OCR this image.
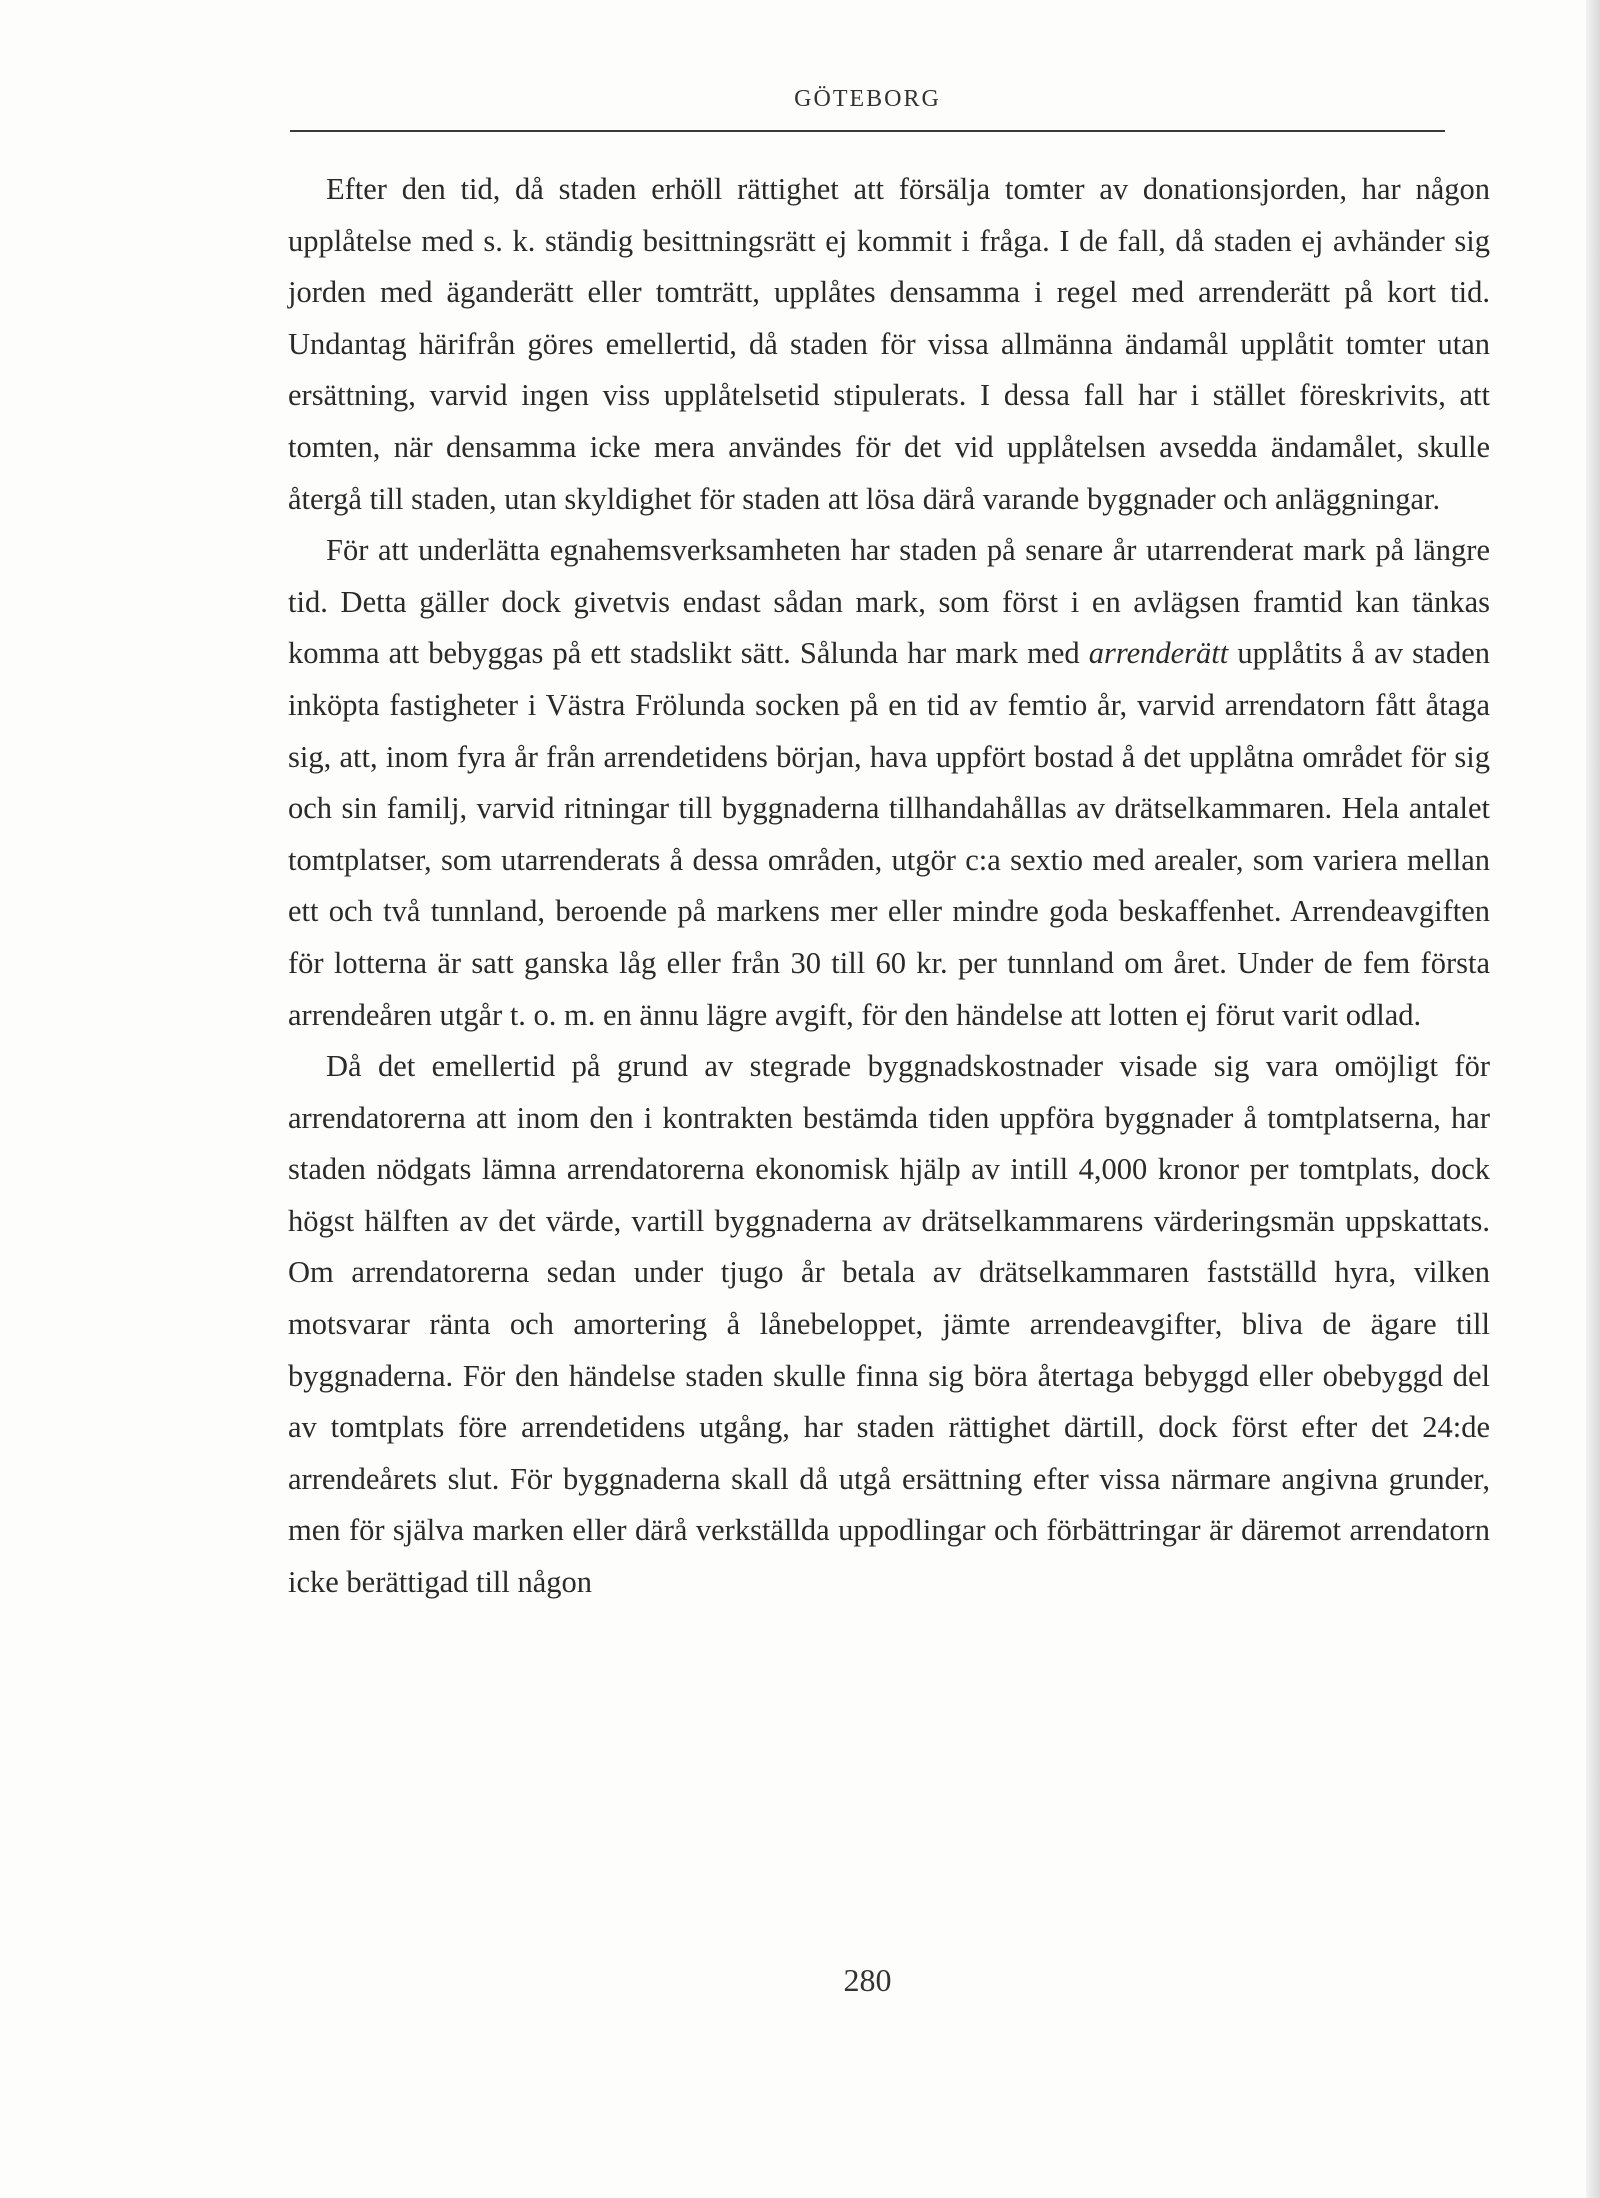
GÖTEBORG

Efter den tid, då staden erhöll rättighet att försälja tomter av donationsjorden, har någon upplåtelse med s. k. ständig besittningsrätt ej kommit i fråga. I de fall, då staden ej avhänder sig jorden med äganderätt eller tomträtt, upplåtes densamma i regel med arrenderätt på kort tid. Undantag härifrån göres emellertid, då staden för vissa allmänna ändamål upplåtit tomter utan ersättning, varvid ingen viss upplåtelsetid stipulerats. I dessa fall har i stället föreskrivits, att tomten, när densamma icke mera användes för det vid upplåtelsen avsedda ändamålet, skulle återgå till staden, utan skyldighet för staden att lösa därå varande byggnader och anläggningar.

För att underlätta egnahemsverksamheten har staden på senare år utarrenderat mark på längre tid. Detta gäller dock givetvis endast sådan mark, som först i en avlägsen framtid kan tänkas komma att bebyggas på ett stadslikt sätt. Sålunda har mark med arrenderätt upplåtits å av staden inköpta fastigheter i Västra Frölunda socken på en tid av femtio år, varvid arrendatorn fått åtaga sig, att, inom fyra år från arrendetidens början, hava uppfört bostad å det upplåtna området för sig och sin familj, varvid ritningar till byggnaderna tillhandahållas av drätselkammaren. Hela antalet tomtplatser, som utarrenderats å dessa områden, utgör c:a sextio med arealer, som variera mellan ett och två tunnland, beroende på markens mer eller mindre goda beskaffenhet. Arrendeavgiften för lotterna är satt ganska låg eller från 30 till 60 kr. per tunnland om året. Under de fem första arrendeåren utgår t. o. m. en ännu lägre avgift, för den händelse att lotten ej förut varit odlad.

Då det emellertid på grund av stegrade byggnadskostnader visade sig vara omöjligt för arrendatorerna att inom den i kontrakten bestämda tiden uppföra byggnader å tomtplatserna, har staden nödgats lämna arrendatorerna ekonomisk hjälp av intill 4,000 kronor per tomtplats, dock högst hälften av det värde, vartill byggnaderna av drätselkammarens värderingsmän uppskattats. Om arrendatorerna sedan under tjugo år betala av drätselkammaren fastställd hyra, vilken motsvarar ränta och amortering å lånebeloppet, jämte arrendeavgifter, bliva de ägare till byggnaderna. För den händelse staden skulle finna sig böra återtaga bebyggd eller obebyggd del av tomtplats före arrendetidens utgång, har staden rättighet därtill, dock först efter det 24:de arrendeårets slut. För byggnaderna skall då utgå ersättning efter vissa närmare angivna grunder, men för själva marken eller därå verkställda uppodlingar och förbättringar är däremot arrendatorn icke berättigad till någon

280
